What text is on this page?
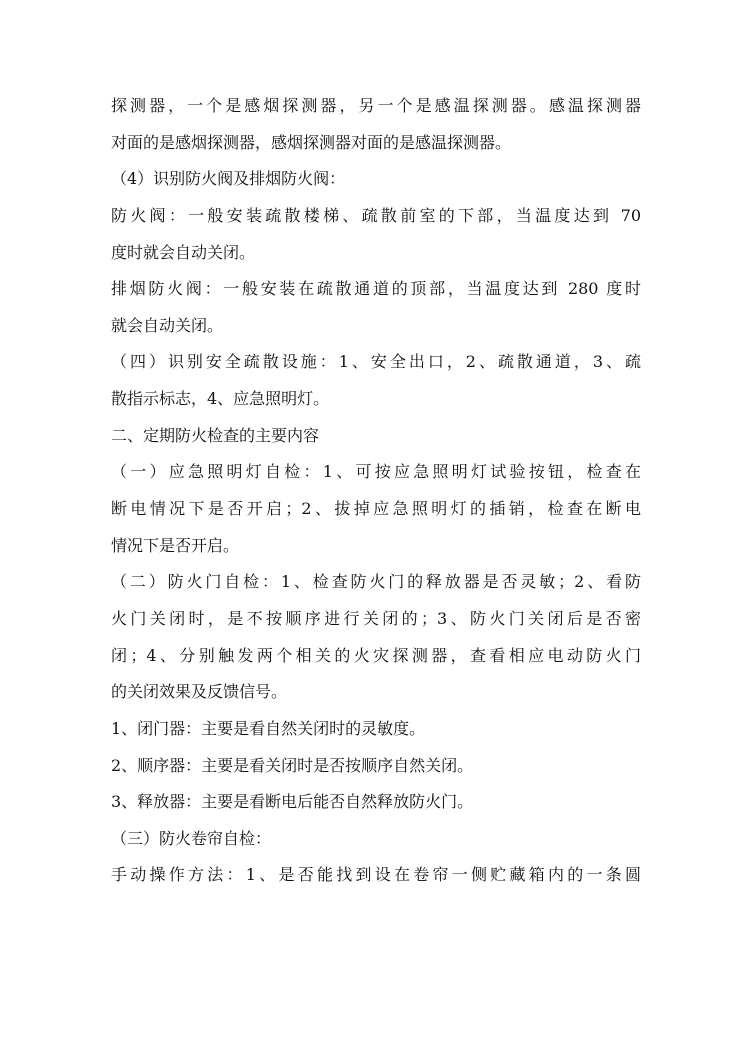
探测器，一个是感烟探测器，另一个是感温探测器。感温探测器
对面的是感烟探测器，感烟探测器对面的是感温探测器。
（4）识别防火阀及排烟防火阀：
防火阀：一般安装疏散楼梯、疏散前室的下部，当温度达到 70
度时就会自动关闭。
排烟防火阀：一般安装在疏散通道的顶部，当温度达到 280 度时
就会自动关闭。
（四）识别安全疏散设施：1、安全出口，2、疏散通道，3、疏
散指示标志，4、应急照明灯。
二、定期防火检查的主要内容
（一）应急照明灯自检：1、可按应急照明灯试验按钮，检查在
断电情况下是否开启；2、拔掉应急照明灯的插销，检查在断电
情况下是否开启。
（二）防火门自检：1、检查防火门的释放器是否灵敏；2、看防
火门关闭时，是不按顺序进行关闭的；3、防火门关闭后是否密
闭；4、分别触发两个相关的火灾探测器，查看相应电动防火门
的关闭效果及反馈信号。
1、闭门器：主要是看自然关闭时的灵敏度。
2、顺序器：主要是看关闭时是否按顺序自然关闭。
3、释放器：主要是看断电后能否自然释放防火门。
（三）防火卷帘自检：
手动操作方法：1、是否能找到设在卷帘一侧贮藏箱内的一条圆
